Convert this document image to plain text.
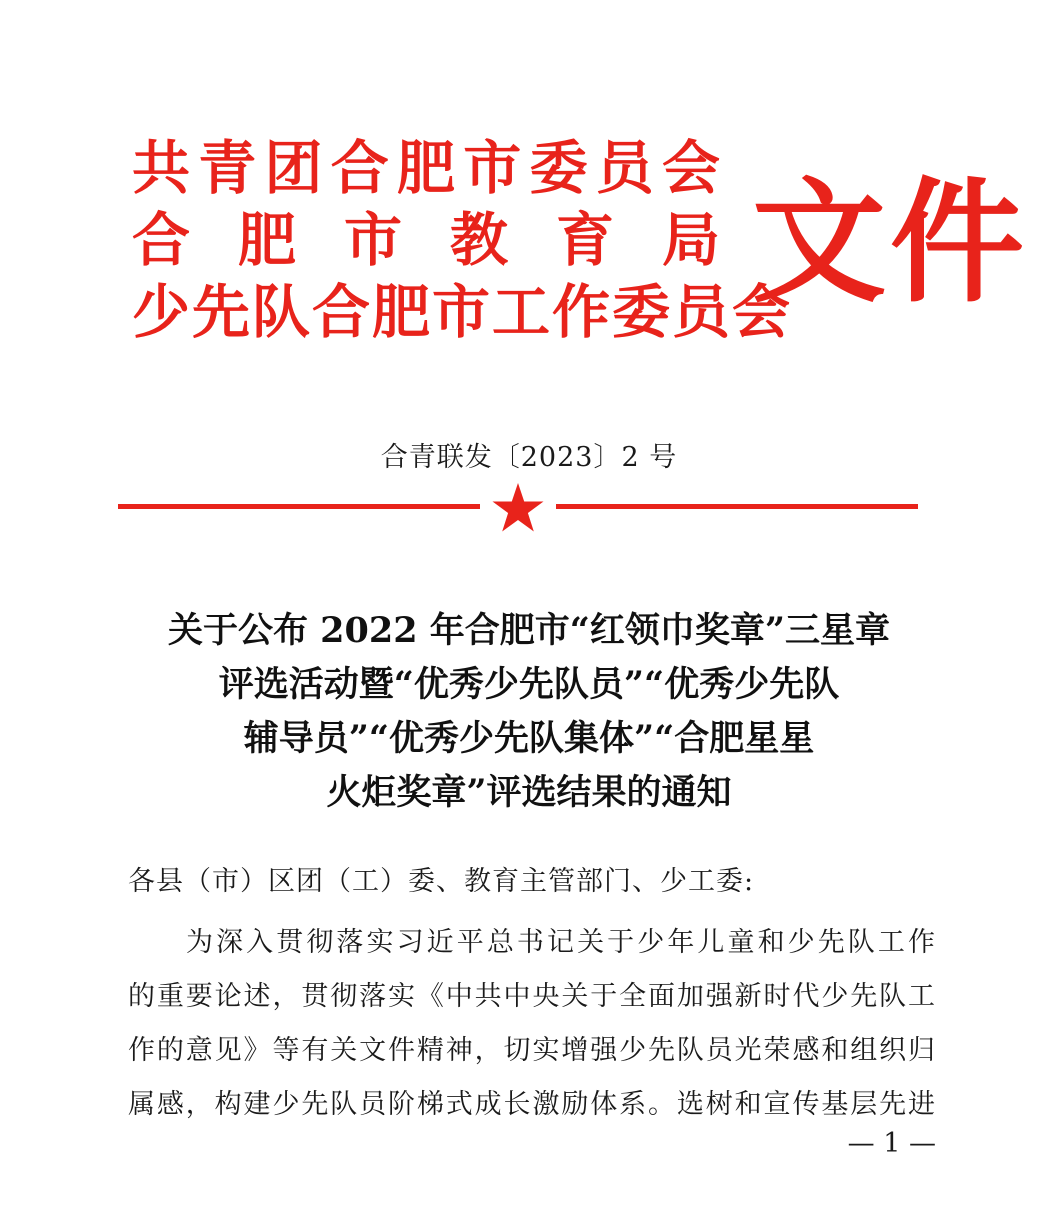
共青团合肥市委员会
合肥市教育局
少先队合肥市工作委员会
文件
合青联发〔2023〕2 号
关于公布 2022 年合肥市“红领巾奖章”三星章
评选活动暨“优秀少先队员”“优秀少先队
辅导员”“优秀少先队集体”“合肥星星
火炬奖章”评选结果的通知
各县（市）区团（工）委、教育主管部门、少工委:
为深入贯彻落实习近平总书记关于少年儿童和少先队工作
的重要论述，贯彻落实《中共中央关于全面加强新时代少先队工
作的意见》等有关文件精神，切实增强少先队员光荣感和组织归
属感，构建少先队员阶梯式成长激励体系。选树和宣传基层先进
— 1 —
